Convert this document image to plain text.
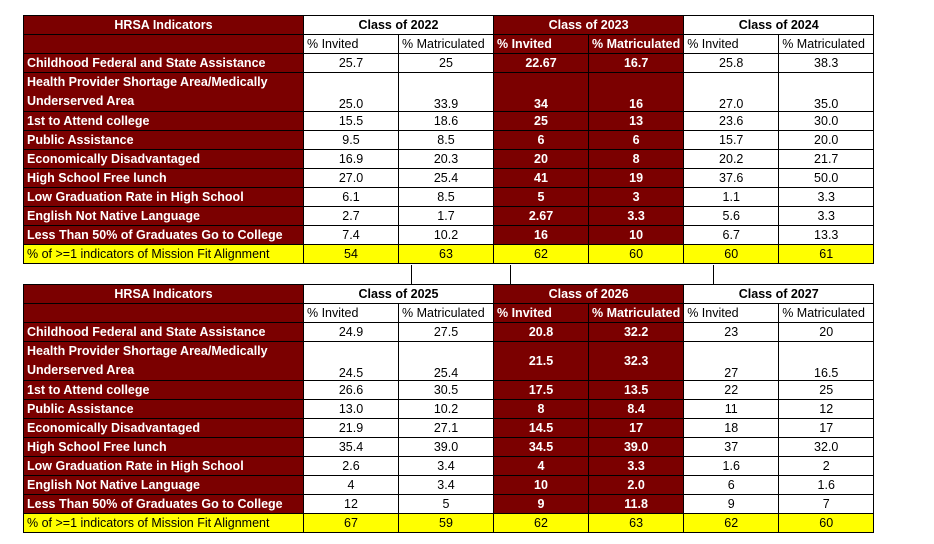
HRSA Indicators	Class of 2022		Class of 2023		Class of 2024	
	% Invited	% Matriculated	% Invited	% Matriculated	% Invited	% Matriculated
Childhood Federal and State Assistance	25.7	25	22.67	16.7	25.8	38.3
Health Provider Shortage Area/Medically Underserved Area	25.0	33.9	34	16	27.0	35.0
1st to Attend college	15.5	18.6	25	13	23.6	30.0
Public Assistance	9.5	8.5	6	6	15.7	20.0
Economically Disadvantaged	16.9	20.3	20	8	20.2	21.7
High School Free lunch	27.0	25.4	41	19	37.6	50.0
Low Graduation Rate in High School	6.1	8.5	5	3	1.1	3.3
English Not Native Language	2.7	1.7	2.67	3.3	5.6	3.3
Less Than 50% of Graduates Go to College	7.4	10.2	16	10	6.7	13.3
% of >=1 indicators of Mission Fit Alignment	54	63	62	60	60	61
HRSA Indicators	Class of 2025		Class of 2026		Class of 2027	
	% Invited	% Matriculated	% Invited	% Matriculated	% Invited	% Matriculated
Childhood Federal and State Assistance	24.9	27.5	20.8	32.2	23	20
Health Provider Shortage Area/Medically Underserved Area	24.5	25.4	21.5	32.3	27	16.5
1st to Attend college	26.6	30.5	17.5	13.5	22	25
Public Assistance	13.0	10.2	8	8.4	11	12
Economically Disadvantaged	21.9	27.1	14.5	17	18	17
High School Free lunch	35.4	39.0	34.5	39.0	37	32.0
Low Graduation Rate in High School	2.6	3.4	4	3.3	1.6	2
English Not Native Language	4	3.4	10	2.0	6	1.6
Less Than 50% of Graduates Go to College	12	5	9	11.8	9	7
% of >=1 indicators of Mission Fit Alignment	67	59	62	63	62	60
